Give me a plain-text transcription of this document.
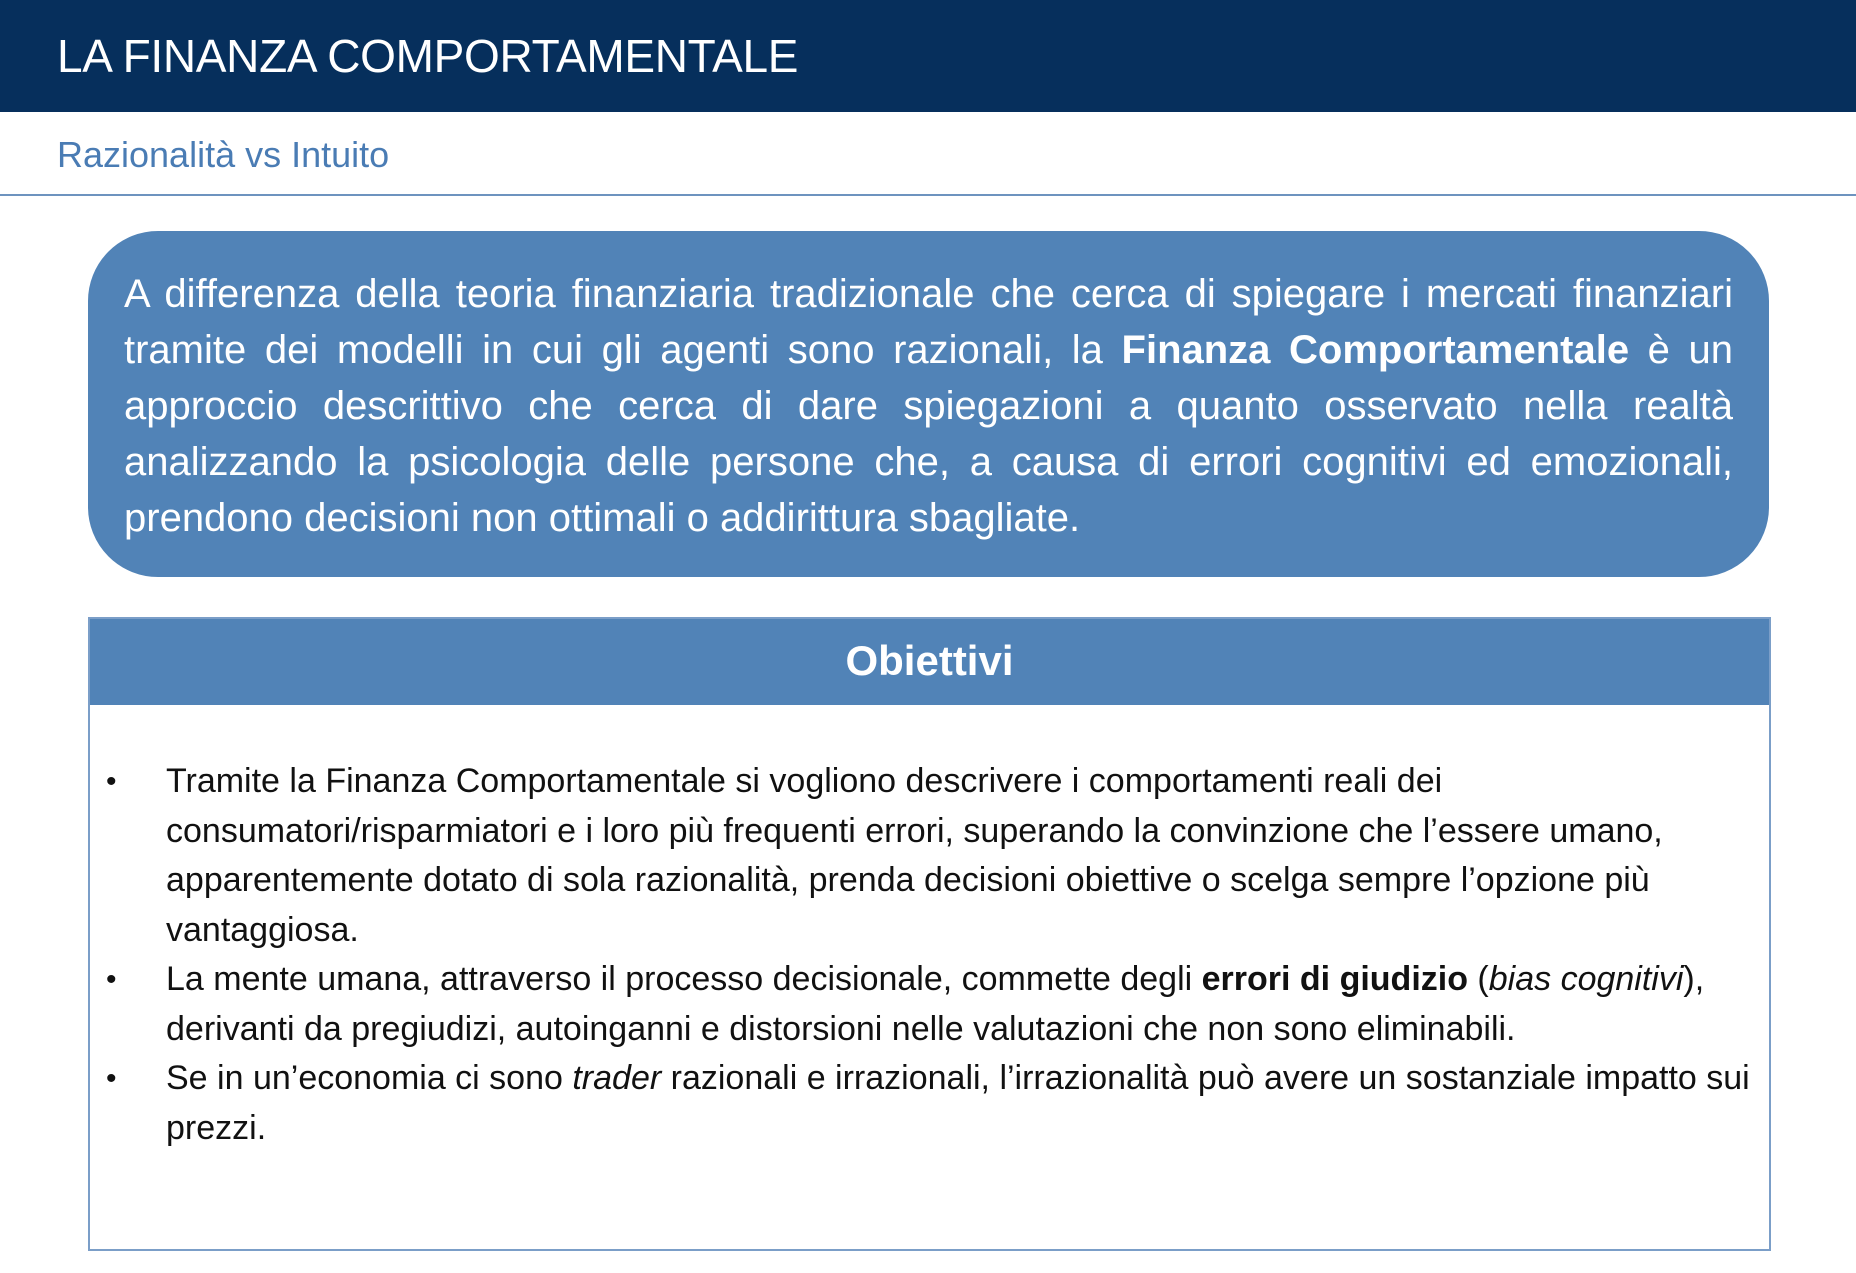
LA FINANZA COMPORTAMENTALE
Razionalità vs Intuito
A differenza della teoria finanziaria tradizionale che cerca di spiegare i mercati finanziari tramite dei modelli in cui gli agenti sono razionali, la Finanza Comportamentale è un approccio descrittivo che cerca di dare spiegazioni a quanto osservato nella realtà analizzando la psicologia delle persone che, a causa di errori cognitivi ed emozionali, prendono decisioni non ottimali o addirittura sbagliate.
Obiettivi
•	Tramite la Finanza Comportamentale si vogliono descrivere i comportamenti reali dei consumatori/risparmiatori e i loro più frequenti errori, superando la convinzione che l’essere umano, apparentemente dotato di sola razionalità, prenda decisioni obiettive o scelga sempre l’opzione più vantaggiosa.
•	La mente umana, attraverso il processo decisionale, commette degli errori di giudizio (bias cognitivi), derivanti da pregiudizi, autoinganni e distorsioni nelle valutazioni che non sono eliminabili.
•	Se in un’economia ci sono trader razionali e irrazionali, l’irrazionalità può avere un sostanziale impatto sui prezzi.
